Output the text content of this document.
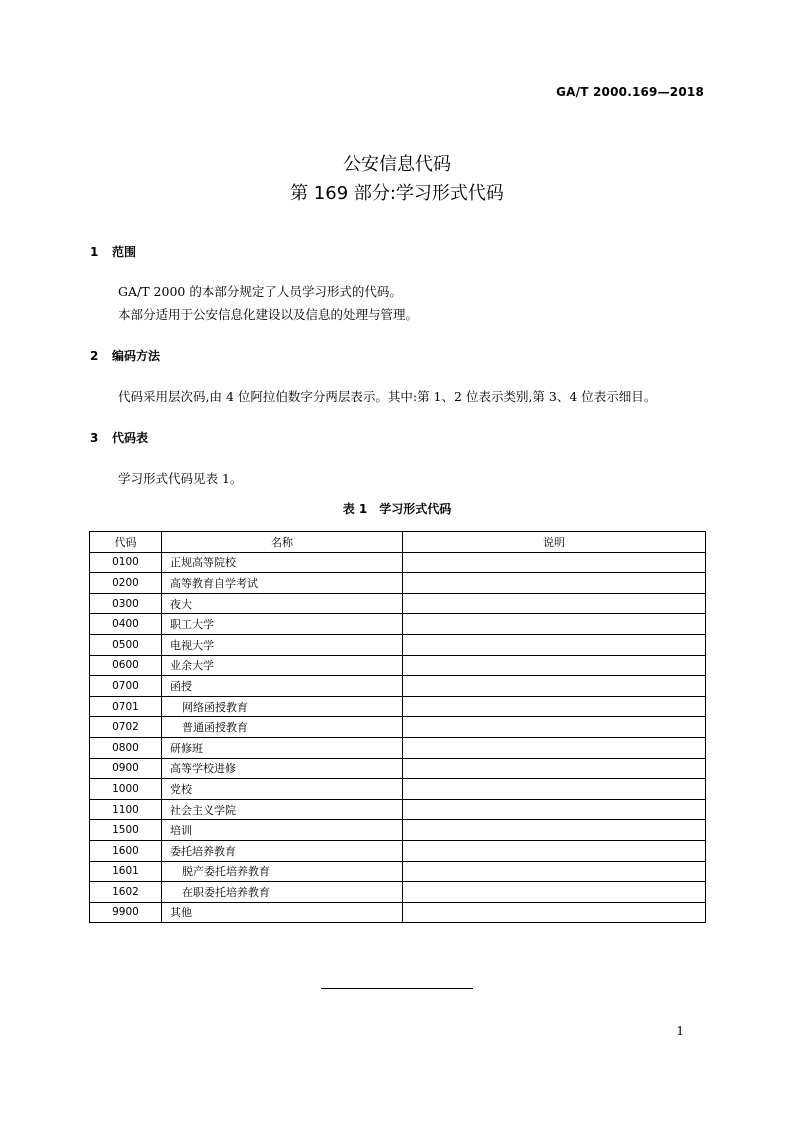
GA/T 2000.169—2018
公安信息代码
第 169 部分:学习形式代码
1 范围
GA/T 2000 的本部分规定了人员学习形式的代码。
本部分适用于公安信息化建设以及信息的处理与管理。
2 编码方法
代码采用层次码,由 4 位阿拉伯数字分两层表示。其中:第 1、2 位表示类别,第 3、4 位表示细目。
3 代码表
学习形式代码见表 1。
表 1　学习形式代码
代码	名称	说明
0100	正规高等院校	
0200	高等教育自学考试	
0300	夜大	
0400	职工大学	
0500	电视大学	
0600	业余大学	
0700	函授	
0701	网络函授教育	
0702	普通函授教育	
0800	研修班	
0900	高等学校进修	
1000	党校	
1100	社会主义学院	
1500	培训	
1600	委托培养教育	
1601	脱产委托培养教育	
1602	在职委托培养教育	
9900	其他	
1
